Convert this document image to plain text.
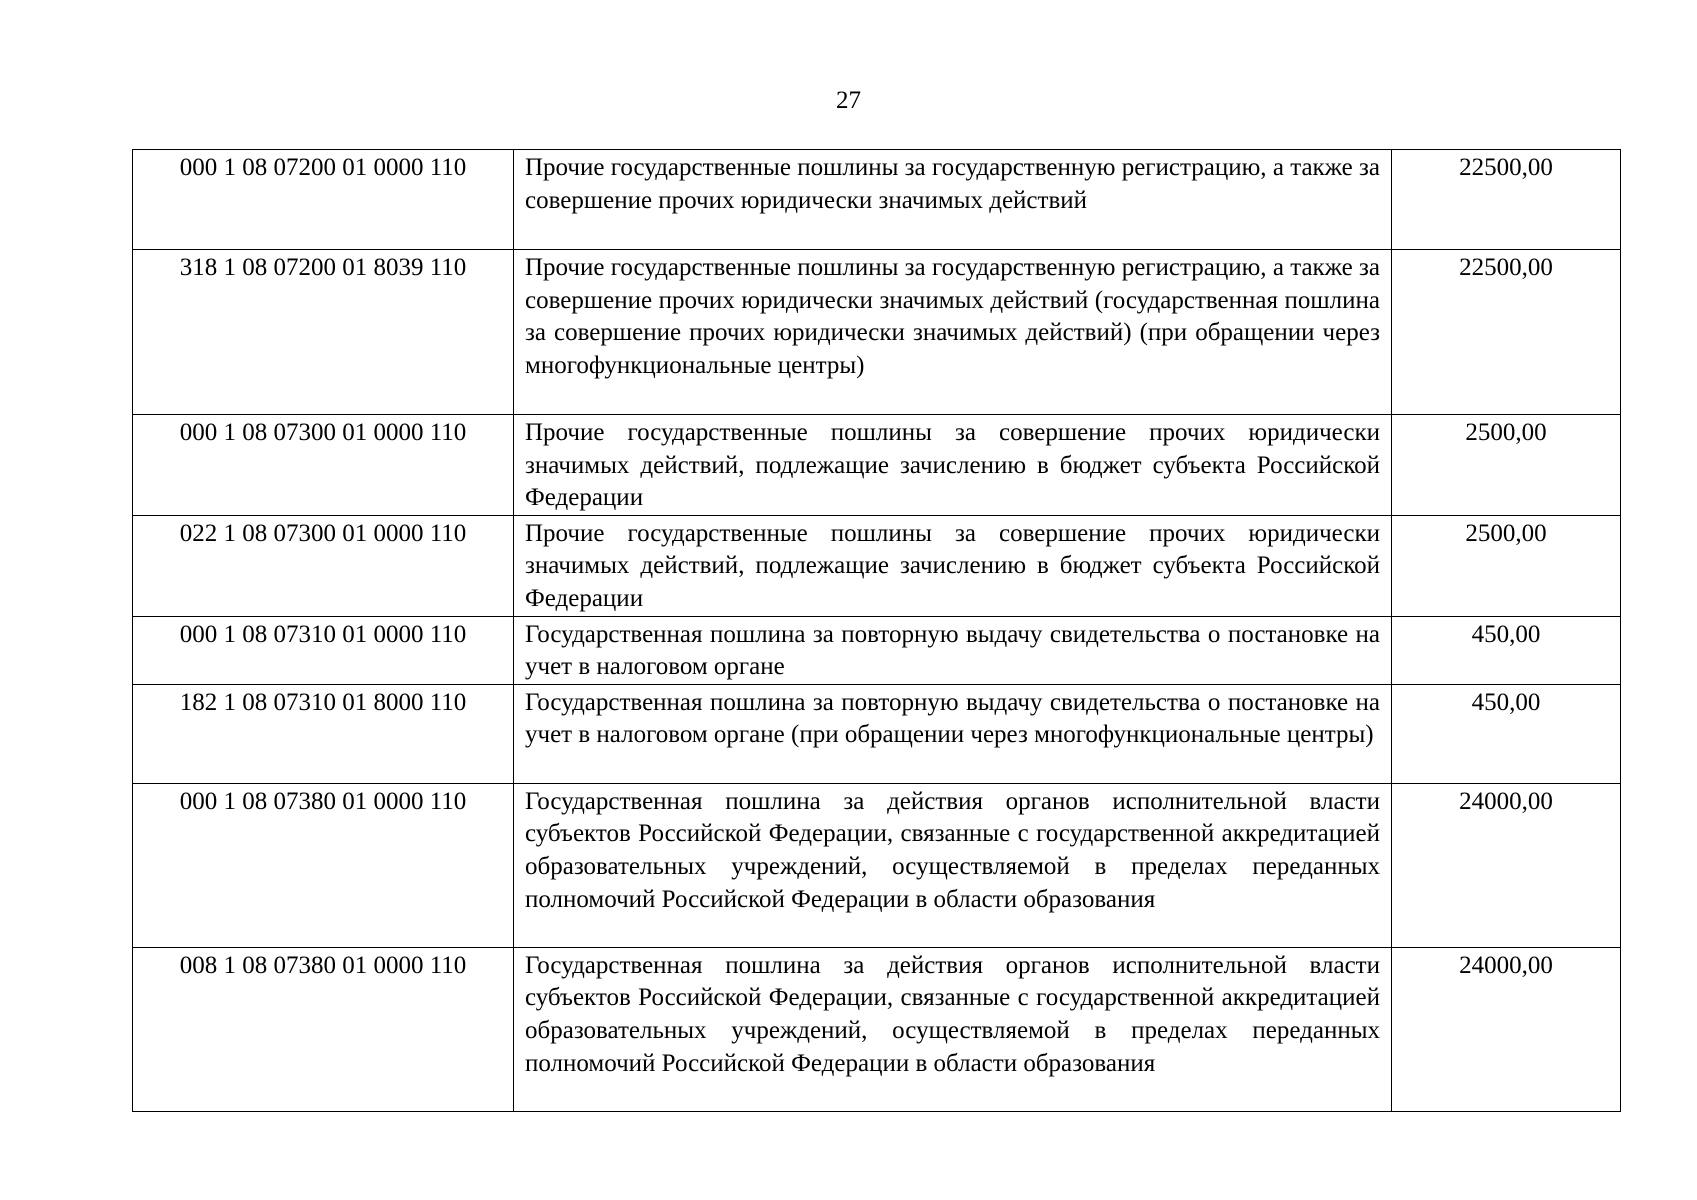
27
000 1 08 07200 01 0000 110	Прочие государственные пошлины за государственную регистрацию, а также за совершение прочих юридически значимых действий	22500,00
318 1 08 07200 01 8039 110	Прочие государственные пошлины за государственную регистрацию, а также за совершение прочих юридически значимых действий (государственная пошлина за совершение прочих юридически значимых действий) (при обращении через многофункциональные центры)	22500,00
000 1 08 07300 01 0000 110	Прочие государственные пошлины за совершение прочих юридически значимых действий, подлежащие зачислению в бюджет субъекта Российской Федерации	2500,00
022 1 08 07300 01 0000 110	Прочие государственные пошлины за совершение прочих юридически значимых действий, подлежащие зачислению в бюджет субъекта Российской Федерации	2500,00
000 1 08 07310 01 0000 110	Государственная пошлина за повторную выдачу свидетельства о постановке на учет в налоговом органе	450,00
182 1 08 07310 01 8000 110	Государственная пошлина за повторную выдачу свидетельства о постановке на учет в налоговом органе (при обращении через многофункциональные центры)	450,00
000 1 08 07380 01 0000 110	Государственная пошлина за действия органов исполнительной власти субъектов Российской Федерации, связанные с государственной аккредитацией образовательных учреждений, осуществляемой в пределах переданных полномочий Российской Федерации в области образования	24000,00
008 1 08 07380 01 0000 110	Государственная пошлина за действия органов исполнительной власти субъектов Российской Федерации, связанные с государственной аккредитацией образовательных учреждений, осуществляемой в пределах переданных полномочий Российской Федерации в области образования	24000,00
